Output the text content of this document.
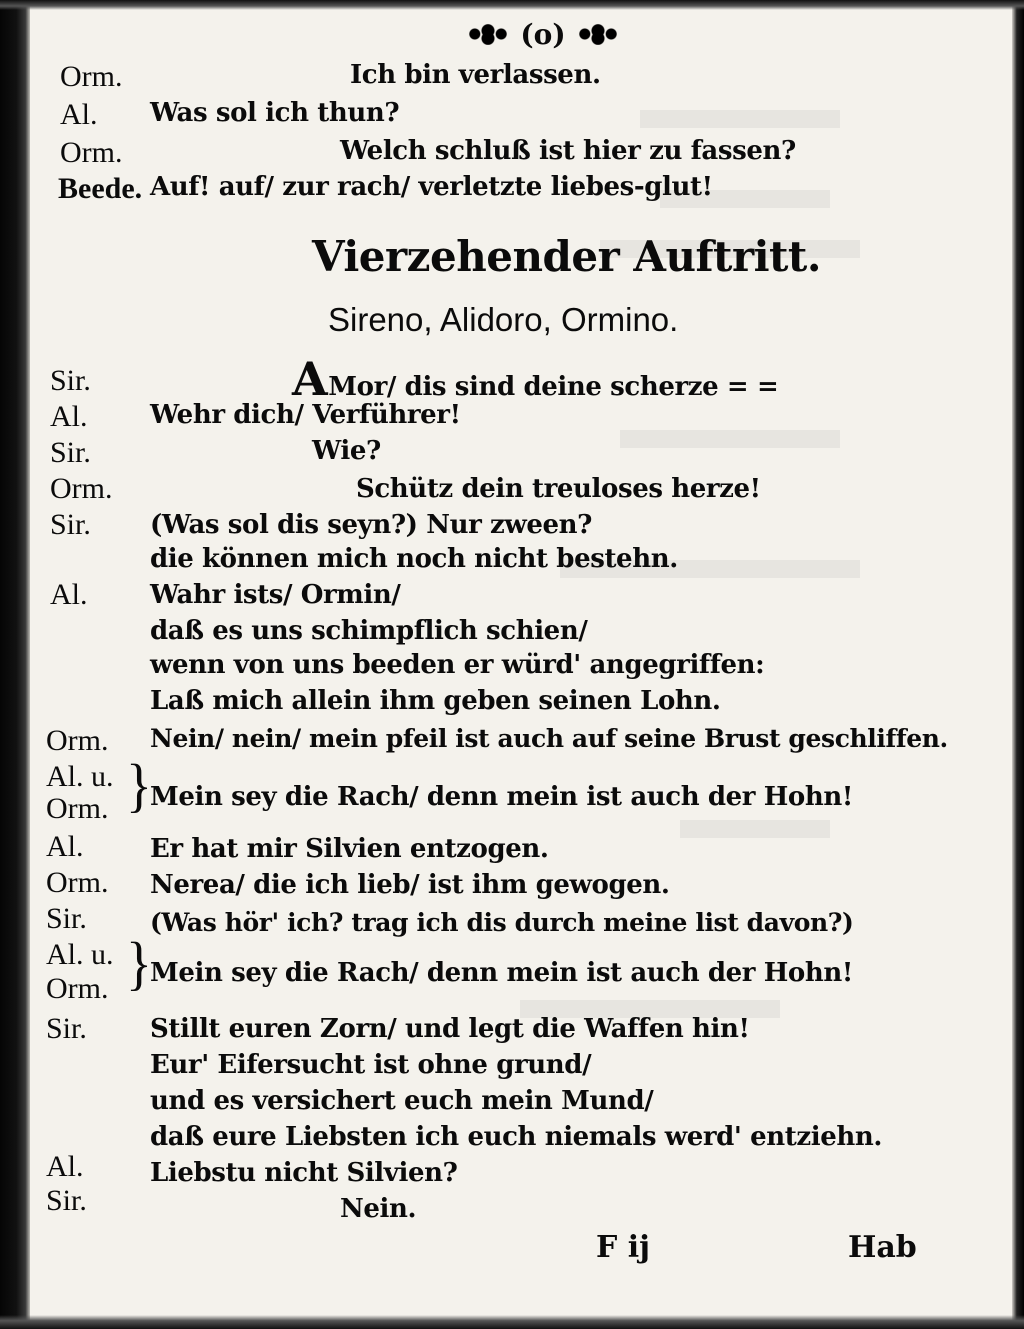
(o)
Orm.	Ich bin verlassen.
Al. Was sol ich thun?
Orm.	Welch schluß ist hier zu fassen?
Beede. Auf! auf/ zur rach/ verletzte liebes-glut!
Vierzehender Auftritt.
Sireno, Alidoro, Ormino.
Sir.	AMor/ dis sind deine scherze = =
Al. Wehr dich/ Verführer!
Sir.	Wie?
Orm.	Schütz dein treuloses herze!
Sir. (Was sol dis seyn?) Nur zween?
die können mich noch nicht bestehn.
Al. Wahr ists/ Ormin/
daß es uns schimpflich schien/
wenn von uns beeden er würd' angegriffen:
Laß mich allein ihm geben seinen Lohn.
Orm. Nein/ nein/ mein pfeil ist auch auf seine Brust geschliffen.
Al. u.
Orm. }
Mein sey die Rach/ denn mein ist auch der Hohn!
Al.	Er hat mir Silvien entzogen.
Orm. Nerea/ die ich lieb/ ist ihm gewogen.
Sir.	(Was hör' ich? trag ich dis durch meine list davon?)
Al. u.
Orm. }
Mein sey die Rach/ denn mein ist auch der Hohn!
Sir. Stillt euren Zorn/ und legt die Waffen hin!
Eur' Eifersucht ist ohne grund/
und es versichert euch mein Mund/
daß eure Liebsten ich euch niemals werd' entziehn.
Al.	Liebstu nicht Silvien?
Sir.	Nein.
F ij	Hab
